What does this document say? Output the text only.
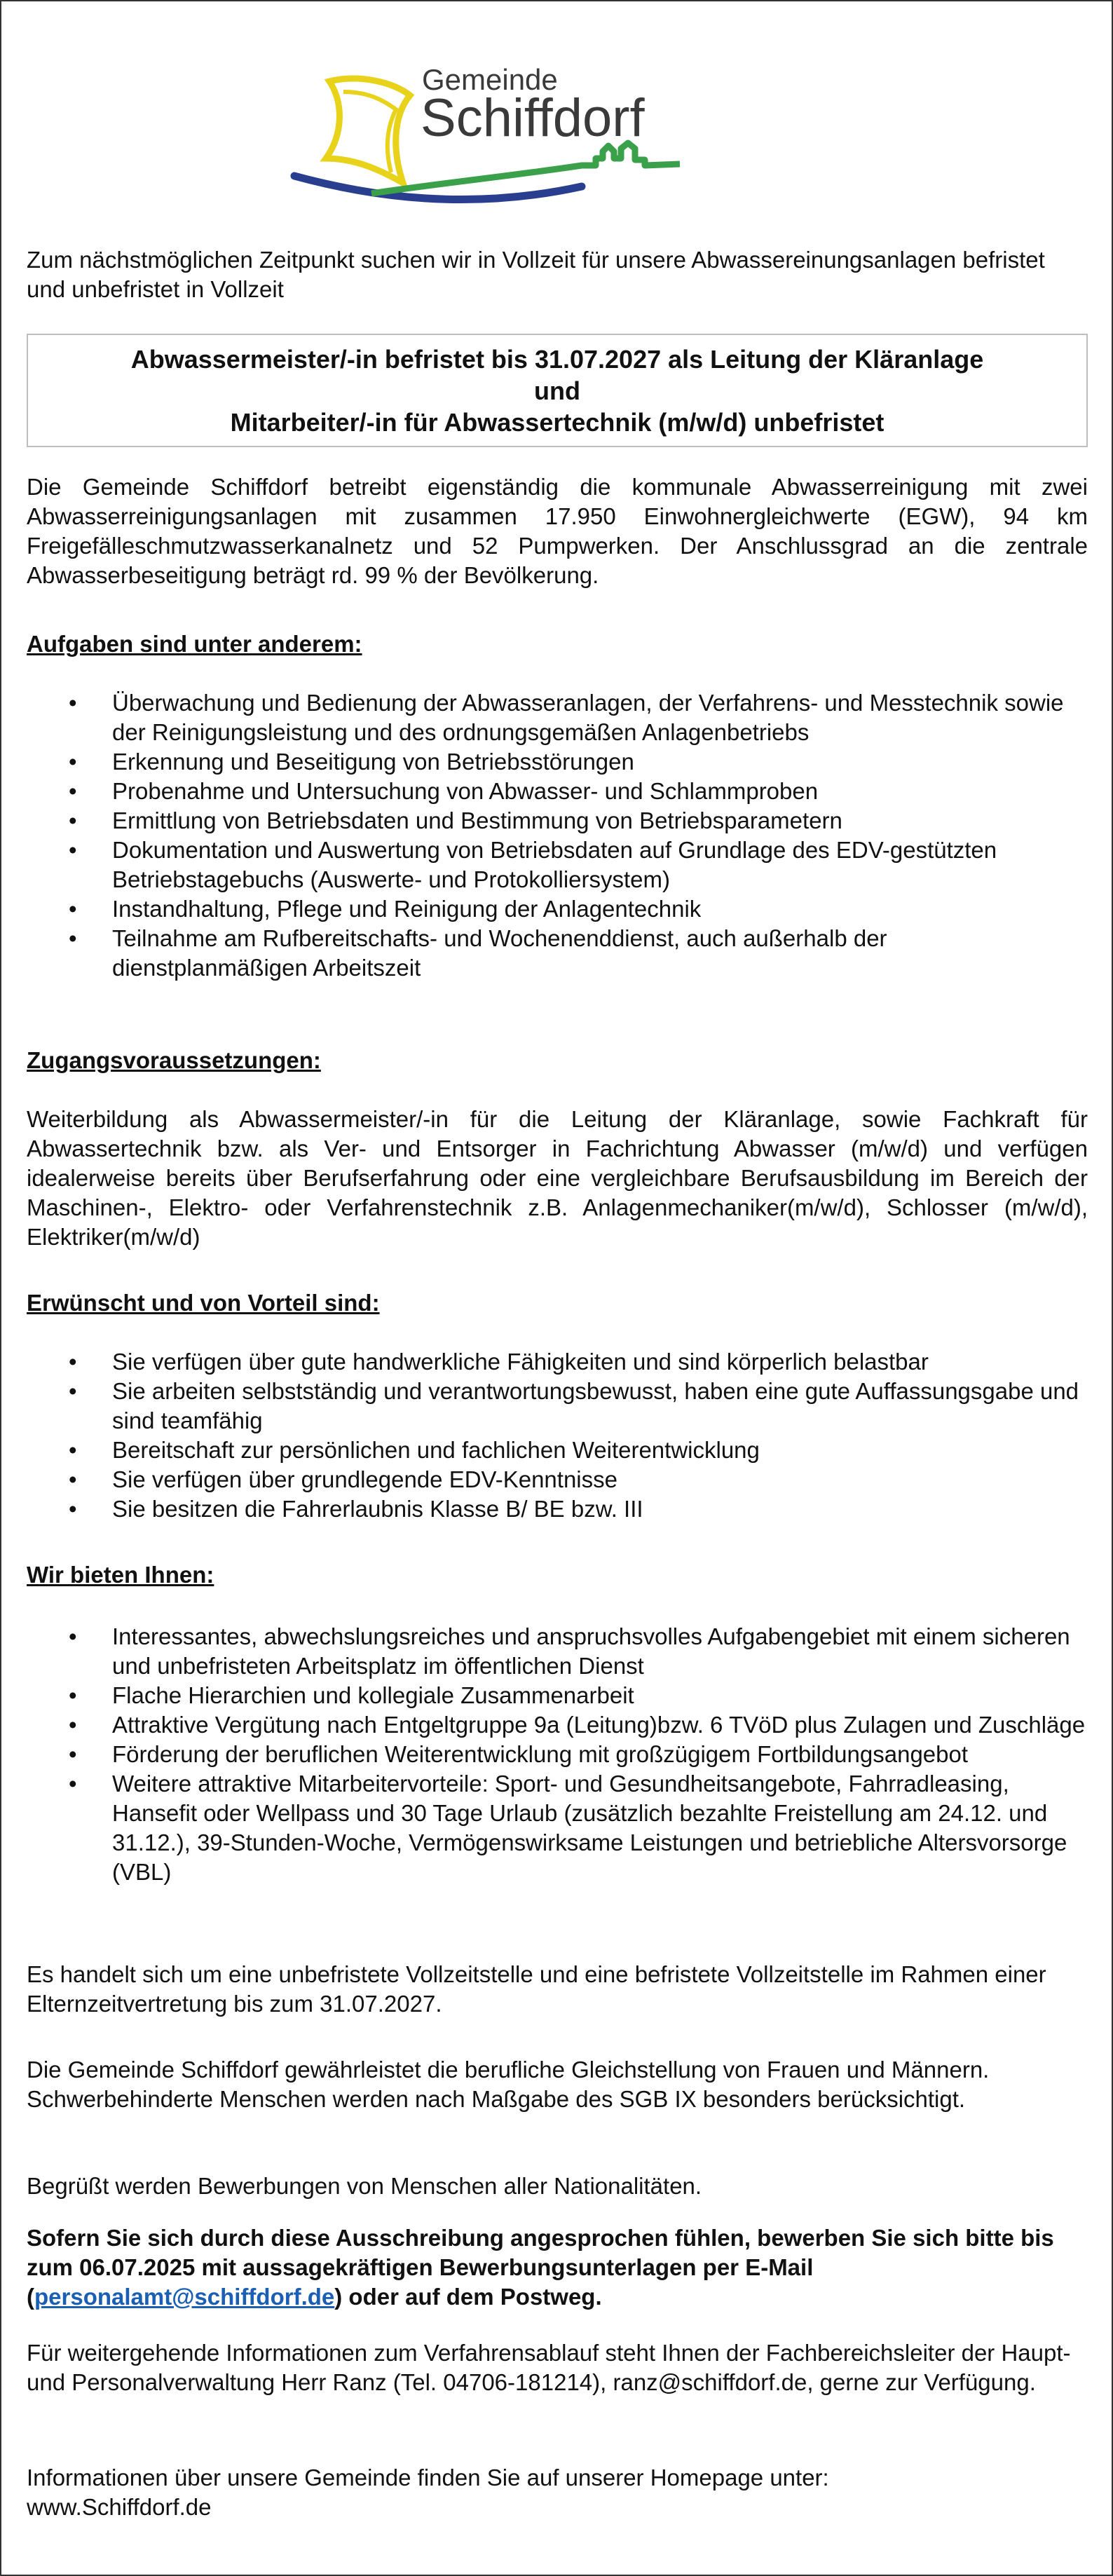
Gemeinde
Schiffdorf

Zum nächstmöglichen Zeitpunkt suchen wir in Vollzeit für unsere Abwassereinungsanlagen befristet und unbefristet in Vollzeit

Abwassermeister/-in befristet bis 31.07.2027 als Leitung der Kläranlage
und
Mitarbeiter/-in für Abwassertechnik (m/w/d) unbefristet

Die Gemeinde Schiffdorf betreibt eigenständig die kommunale Abwasserreinigung mit zwei Abwasserreinigungsanlagen mit zusammen 17.950 Einwohnergleichwerte (EGW), 94 km Freigefälleschmutzwasserkanalnetz und 52 Pumpwerken. Der Anschlussgrad an die zentrale Abwasserbeseitigung beträgt rd. 99 % der Bevölkerung.

Aufgaben sind unter anderem:
• Überwachung und Bedienung der Abwasseranlagen, der Verfahrens- und Messtechnik sowie der Reinigungsleistung und des ordnungsgemäßen Anlagenbetriebs
• Erkennung und Beseitigung von Betriebsstörungen
• Probenahme und Untersuchung von Abwasser- und Schlammproben
• Ermittlung von Betriebsdaten und Bestimmung von Betriebsparametern
• Dokumentation und Auswertung von Betriebsdaten auf Grundlage des EDV-gestützten Betriebstagebuchs (Auswerte- und Protokolliersystem)
• Instandhaltung, Pflege und Reinigung der Anlagentechnik
• Teilnahme am Rufbereitschafts- und Wochenenddienst, auch außerhalb der dienstplanmäßigen Arbeitszeit
Zugangsvoraussetzungen:

Weiterbildung als Abwassermeister/-in für die Leitung der Kläranlage, sowie Fachkraft für Abwassertechnik bzw. als Ver- und Entsorger in Fachrichtung Abwasser (m/w/d) und verfügen idealerweise bereits über Berufserfahrung oder eine vergleichbare Berufsausbildung im Bereich der Maschinen-, Elektro- oder Verfahrenstechnik z.B. Anlagenmechaniker(m/w/d), Schlosser (m/w/d), Elektriker(m/w/d)

Erwünscht und von Vorteil sind:
• Sie verfügen über gute handwerkliche Fähigkeiten und sind körperlich belastbar
• Sie arbeiten selbstständig und verantwortungsbewusst, haben eine gute Auffassungsgabe und sind teamfähig
• Bereitschaft zur persönlichen und fachlichen Weiterentwicklung
• Sie verfügen über grundlegende EDV-Kenntnisse
• Sie besitzen die Fahrerlaubnis Klasse B/ BE bzw. III
Wir bieten Ihnen:
• Interessantes, abwechslungsreiches und anspruchsvolles Aufgabengebiet mit einem sicheren und unbefristeten Arbeitsplatz im öffentlichen Dienst
• Flache Hierarchien und kollegiale Zusammenarbeit
• Attraktive Vergütung nach Entgeltgruppe 9a (Leitung)bzw. 6 TVöD plus Zulagen und Zuschläge
• Förderung der beruflichen Weiterentwicklung mit großzügigem Fortbildungsangebot
• Weitere attraktive Mitarbeitervorteile: Sport- und Gesundheitsangebote, Fahrradleasing, Hansefit oder Wellpass und 30 Tage Urlaub (zusätzlich bezahlte Freistellung am 24.12. und 31.12.), 39-Stunden-Woche, Vermögenswirksame Leistungen und betriebliche Altersvorsorge (VBL)

Es handelt sich um eine unbefristete Vollzeitstelle und eine befristete Vollzeitstelle im Rahmen einer Elternzeitvertretung bis zum 31.07.2027.

Die Gemeinde Schiffdorf gewährleistet die berufliche Gleichstellung von Frauen und Männern. Schwerbehinderte Menschen werden nach Maßgabe des SGB IX besonders berücksichtigt.

Begrüßt werden Bewerbungen von Menschen aller Nationalitäten.

Sofern Sie sich durch diese Ausschreibung angesprochen fühlen, bewerben Sie sich bitte bis zum 06.07.2025 mit aussagekräftigen Bewerbungsunterlagen per E-Mail (personalamt@schiffdorf.de) oder auf dem Postweg.

Für weitergehende Informationen zum Verfahrensablauf steht Ihnen der Fachbereichsleiter der Haupt- und Personalverwaltung Herr Ranz (Tel. 04706-181214), ranz@schiffdorf.de, gerne zur Verfügung.

Informationen über unsere Gemeinde finden Sie auf unserer Homepage unter:

www.Schiffdorf.de
